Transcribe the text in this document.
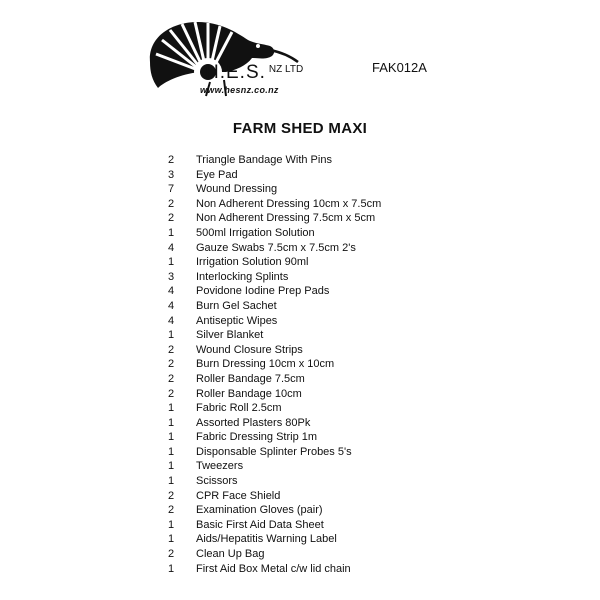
H.E.S. $^{NZ LTD}$
www.hesnz.co.nz
FAK012A
FARM SHED MAXI
2 Triangle Bandage With Pins
3 Eye Pad
7 Wound Dressing
2 Non Adherent Dressing 10cm x 7.5cm
2 Non Adherent Dressing 7.5cm x 5cm
1 500ml Irrigation Solution
4 Gauze Swabs 7.5cm x 7.5cm 2's
1 Irrigation Solution 90ml
3 Interlocking Splints
4 Povidone Iodine Prep Pads
4 Burn Gel Sachet
4 Antiseptic Wipes
1 Silver Blanket
2 Wound Closure Strips
2 Burn Dressing 10cm x 10cm
2 Roller Bandage 7.5cm
2 Roller Bandage 10cm
1 Fabric Roll 2.5cm
1 Assorted Plasters 80Pk
1 Fabric Dressing Strip 1m
1 Disponsable Splinter Probes 5's
1 Tweezers
1 Scissors
2 CPR Face Shield
2 Examination Gloves (pair)
1 Basic First Aid Data Sheet
1 Aids/Hepatitis Warning Label
2 Clean Up Bag
1 First Aid Box Metal c/w lid chain
